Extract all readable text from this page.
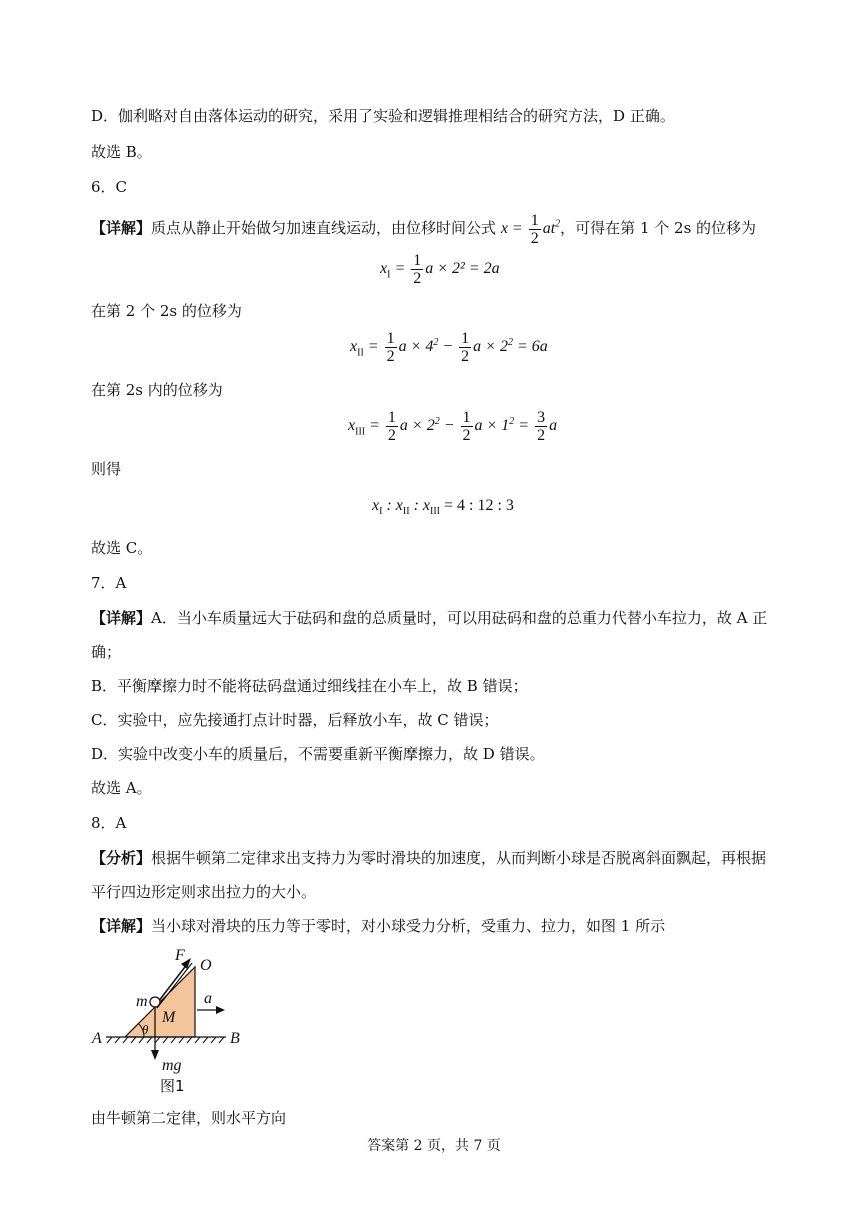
D．伽利略对自由落体运动的研究，采用了实验和逻辑推理相结合的研究方法，D 正确。
故选 B。
6．C
【详解】质点从静止开始做匀加速直线运动，由位移时间公式 $x = \frac{1}{2} at^2$，可得在第 1 个 2s 的位移为
$x_I = \frac{1}{2}$ a × 2² = 2a
在第 2 个 2s 的位移为
$x_{II} = \frac{1}{2}$ $a \times 4^2 - \frac{1}{2}$ $a \times 2^2 = 6a$
在第 2s 内的位移为
$x_{III} = \frac{1}{2}$ $a \times 2^2 - \frac{1}{2}$ $a \times 1^2 = \frac{3}{2}$ a
则得
$x_I$ : $x_{II}$ : $x_{III} = 4$ : 12 : 3
故选 C。
7．A
【详解】A．当小车质量远大于砝码和盘的总质量时，可以用砝码和盘的总重力代替小车拉力，故 A 正
确；
B．平衡摩擦力时不能将砝码盘通过细线挂在小车上，故 B 错误；
C．实验中，应先接通打点计时器，后释放小车，故 C 错误；
D．实验中改变小车的质量后，不需要重新平衡摩擦力，故 D 错误。
故选 A。
8．A
【分析】根据牛顿第二定律求出支持力为零时滑块的加速度，从而判断小球是否脱离斜面飘起，再根据
平行四边形定则求出拉力的大小。
【详解】当小球对滑块的压力等于零时，对小球受力分析，受重力、拉力，如图 1 所示
F
O
m
M
a
A	B
θ
mg
图1
由牛顿第二定律，则水平方向
答案第 2 页，共 7 页
